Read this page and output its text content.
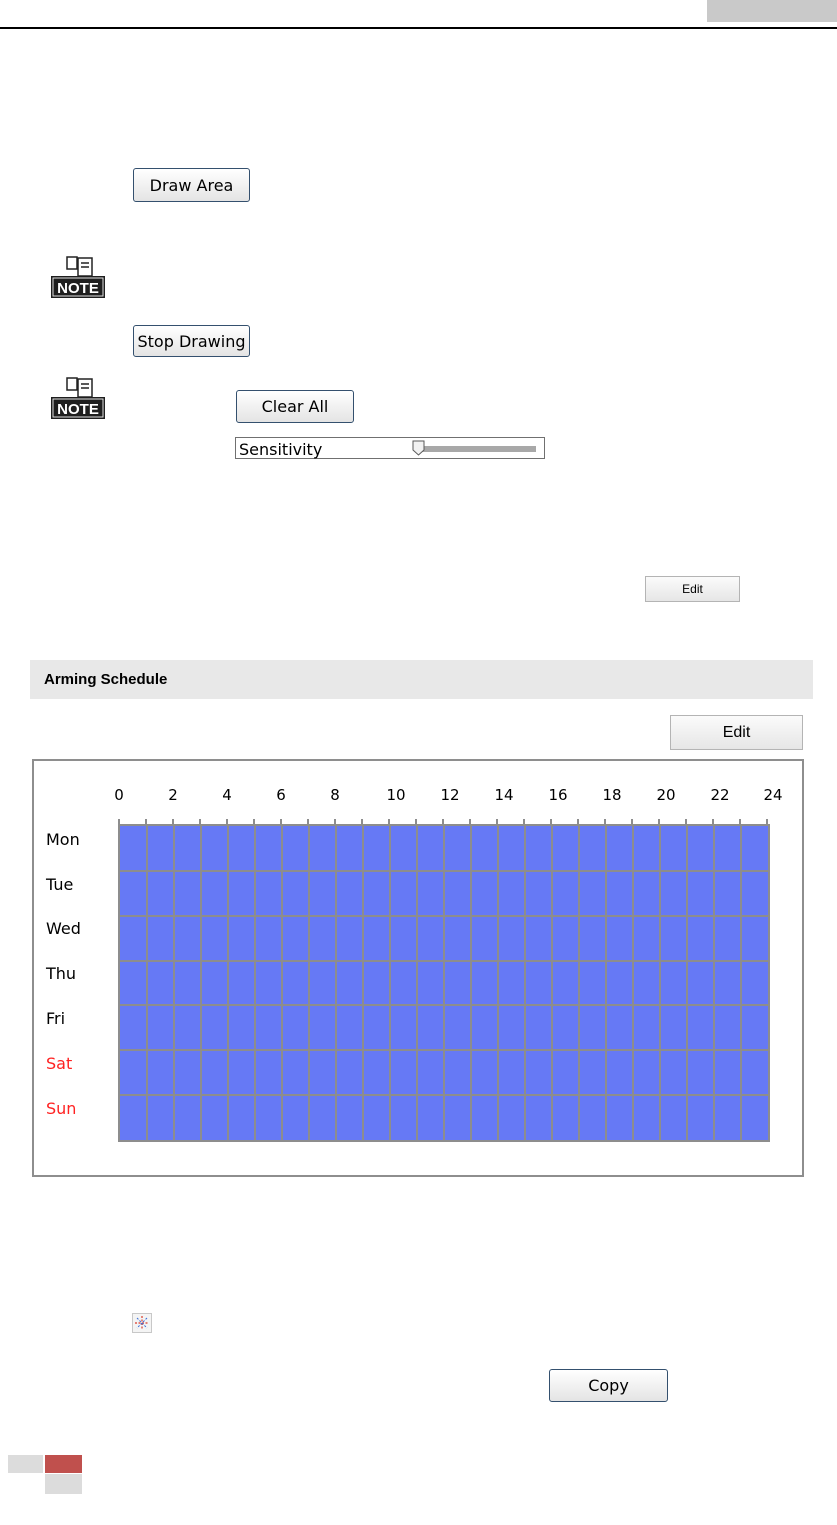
Draw Area
NOTE
Stop Drawing
NOTE	Clear All
Sensitivity
Edit
Arming Schedule
Edit
0	2	4	6	8	10 12 14 16 18 20 22 24
Mon
Tue
Wed
Thu
Fri
Sat
Sun
Copy
